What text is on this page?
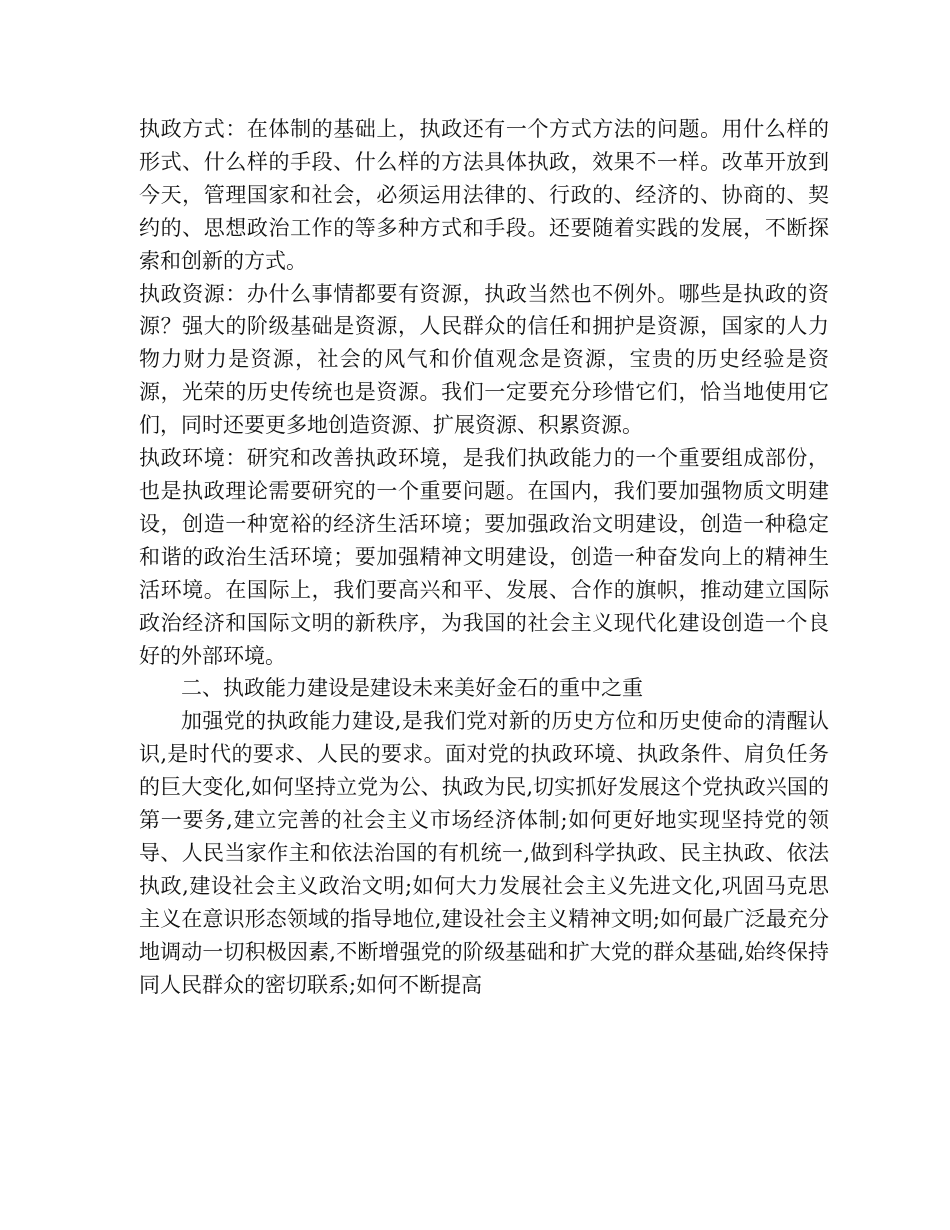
执政方式：在体制的基础上，执政还有一个方式方法的问题。用什么样的形式、什么样的手段、什么样的方法具体执政，效果不一样。改革开放到今天，管理国家和社会，必须运用法律的、行政的、经济的、协商的、契约的、思想政治工作的等多种方式和手段。还要随着实践的发展，不断探索和创新的方式。

执政资源：办什么事情都要有资源，执政当然也不例外。哪些是执政的资源？强大的阶级基础是资源，人民群众的信任和拥护是资源，国家的人力物力财力是资源，社会的风气和价值观念是资源，宝贵的历史经验是资源，光荣的历史传统也是资源。我们一定要充分珍惜它们，恰当地使用它们，同时还要更多地创造资源、扩展资源、积累资源。

执政环境：研究和改善执政环境，是我们执政能力的一个重要组成部份，也是执政理论需要研究的一个重要问题。在国内，我们要加强物质文明建设，创造一种宽裕的经济生活环境；要加强政治文明建设，创造一种稳定和谐的政治生活环境；要加强精神文明建设，创造一种奋发向上的精神生活环境。在国际上，我们要高兴和平、发展、合作的旗帜，推动建立国际政治经济和国际文明的新秩序，为我国的社会主义现代化建设创造一个良好的外部环境。

二、执政能力建设是建设未来美好金石的重中之重

加强党的执政能力建设,是我们党对新的历史方位和历史使命的清醒认识,是时代的要求、人民的要求。面对党的执政环境、执政条件、肩负任务的巨大变化,如何坚持立党为公、执政为民,切实抓好发展这个党执政兴国的第一要务,建立完善的社会主义市场经济体制;如何更好地实现坚持党的领导、人民当家作主和依法治国的有机统一,做到科学执政、民主执政、依法执政,建设社会主义政治文明;如何大力发展社会主义先进文化,巩固马克思主义在意识形态领域的指导地位,建设社会主义精神文明;如何最广泛最充分地调动一切积极因素,不断增强党的阶级基础和扩大党的群众基础,始终保持同人民群众的密切联系;如何不断提高
